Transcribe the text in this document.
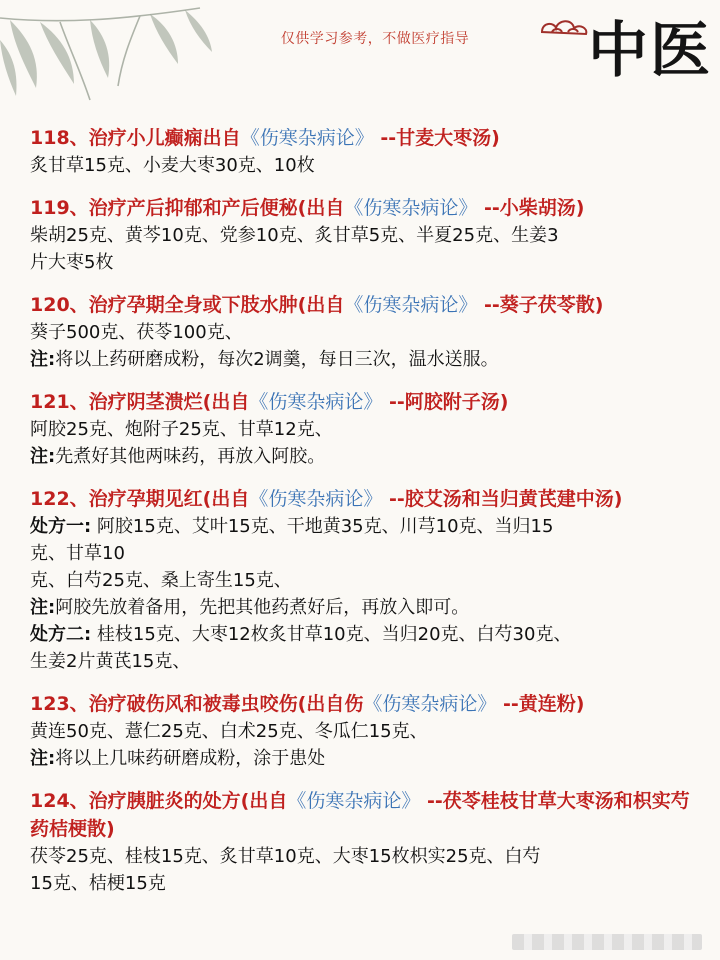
仅供学习参考，不做医疗指导 中医
118、治疗小儿癫痫出自《伤寒杂病论》 --甘麦大枣汤)
炙甘草15克、小麦大枣30克、10枚
119、治疗产后抑郁和产后便秘(出自《伤寒杂病论》 --小柴胡汤)
柴胡25克、黄芩10克、党参10克、炙甘草5克、半夏25克、生姜3
片大枣5枚
120、治疗孕期全身或下肢水肿(出自《伤寒杂病论》 --葵子茯苓散)
葵子500克、茯苓100克、
注:将以上药研磨成粉，每次2调羹，每日三次，温水送服。
121、治疗阴茎溃烂(出自《伤寒杂病论》 --阿胶附子汤)
阿胶25克、炮附子25克、甘草12克、
注:先煮好其他两味药，再放入阿胶。
122、治疗孕期见红(出自《伤寒杂病论》 --胶艾汤和当归黄芪建中汤)
处方一: 阿胶15克、艾叶15克、干地黄35克、川芎10克、当归15
克、甘草10
克、白芍25克、桑上寄生15克、
注:阿胶先放着备用，先把其他药煮好后，再放入即可。
处方二: 桂枝15克、大枣12枚炙甘草10克、当归20克、白芍30克、
生姜2片黄芪15克、
123、治疗破伤风和被毒虫咬伤(出自伤《伤寒杂病论》 --黄连粉)
黄连50克、薏仁25克、白术25克、冬瓜仁15克、
注:将以上几味药研磨成粉，涂于患处
124、治疗胰脏炎的处方(出自《伤寒杂病论》 --茯苓桂枝甘草大枣汤和枳实芍药桔梗散)
茯苓25克、桂枝15克、炙甘草10克、大枣15枚枳实25克、白芍
15克、桔梗15克
